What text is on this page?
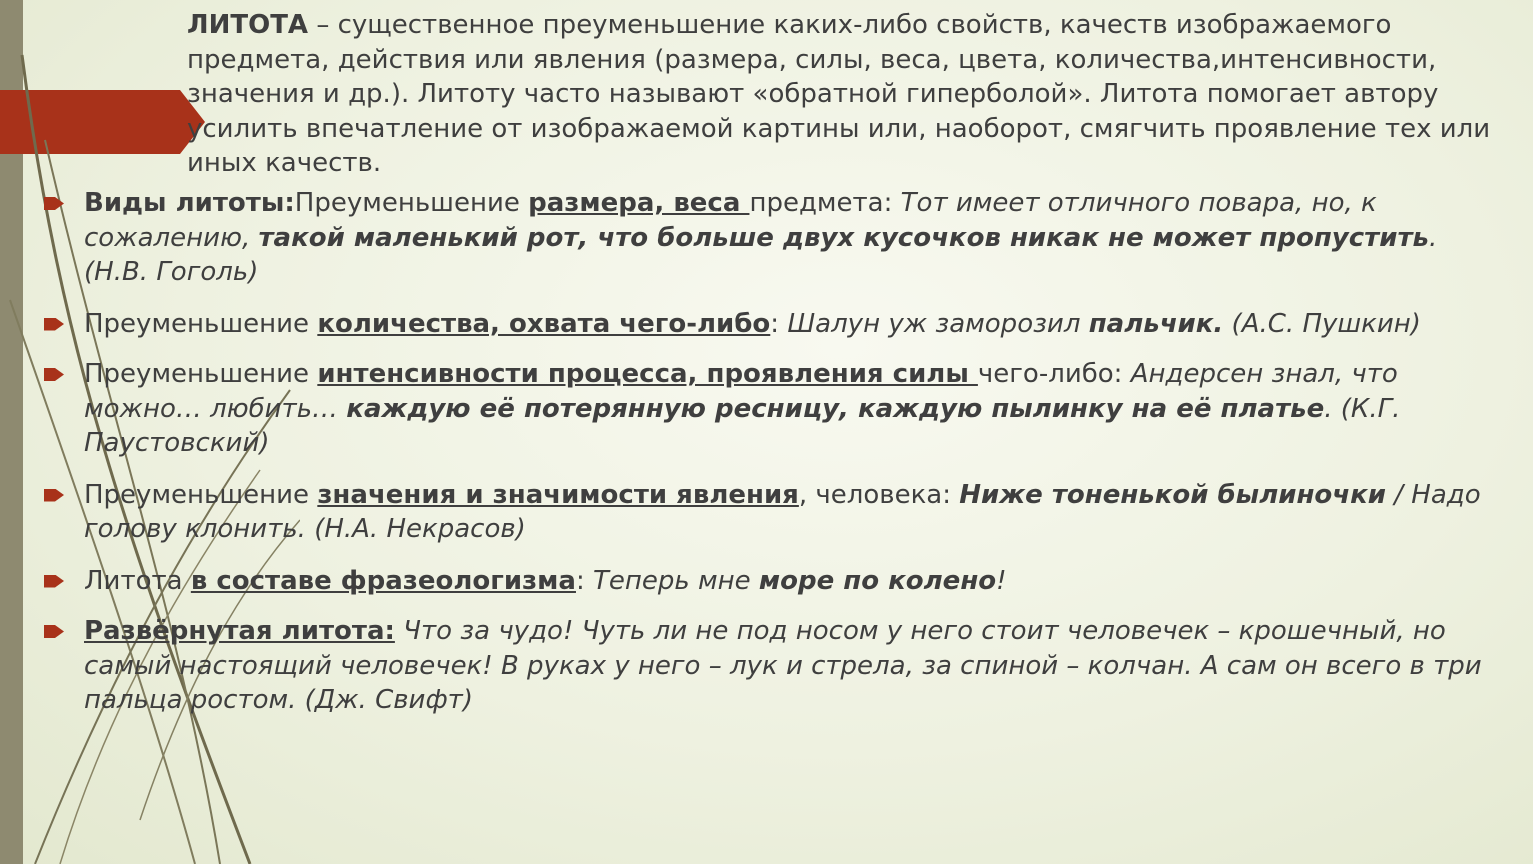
ЛИТОТА – существенное преуменьшение каких-либо свойств, качеств изображаемого предмета, действия или явления (размера, силы, веса, цвета, количества,интенсивности, значения и др.). Литоту часто называют «обратной гиперболой». Литота помогает автору усилить впечатление от изображаемой картины или, наоборот, смягчить проявление тех или иных качеств.

Виды литоты:Преуменьшение размера, веса предмета: Тот имеет отличного повара, но, к сожалению, такой маленький рот, что больше двух кусочков никак не может пропустить. (Н.В. Гоголь)
Преуменьшение количества, охвата чего-либо: Шалун уж заморозил пальчик. (А.С. Пушкин)
Преуменьшение интенсивности процесса, проявления силы чего-либо: Андерсен знал, что можно… любить… каждую её потерянную ресницу, каждую пылинку на её платье. (К.Г. Паустовский)
Преуменьшение значения и значимости явления, человека: Ниже тоненькой былиночки / Надо голову клонить. (Н.А. Некрасов)
Литота в составе фразеологизма: Теперь мне море по колено!
Развёрнутая литота: Что за чудо! Чуть ли не под носом у него стоит человечек – крошечный, но самый настоящий человечек! В руках у него – лук и стрела, за спиной – колчан. А сам он всего в три пальца ростом. (Дж. Свифт)
